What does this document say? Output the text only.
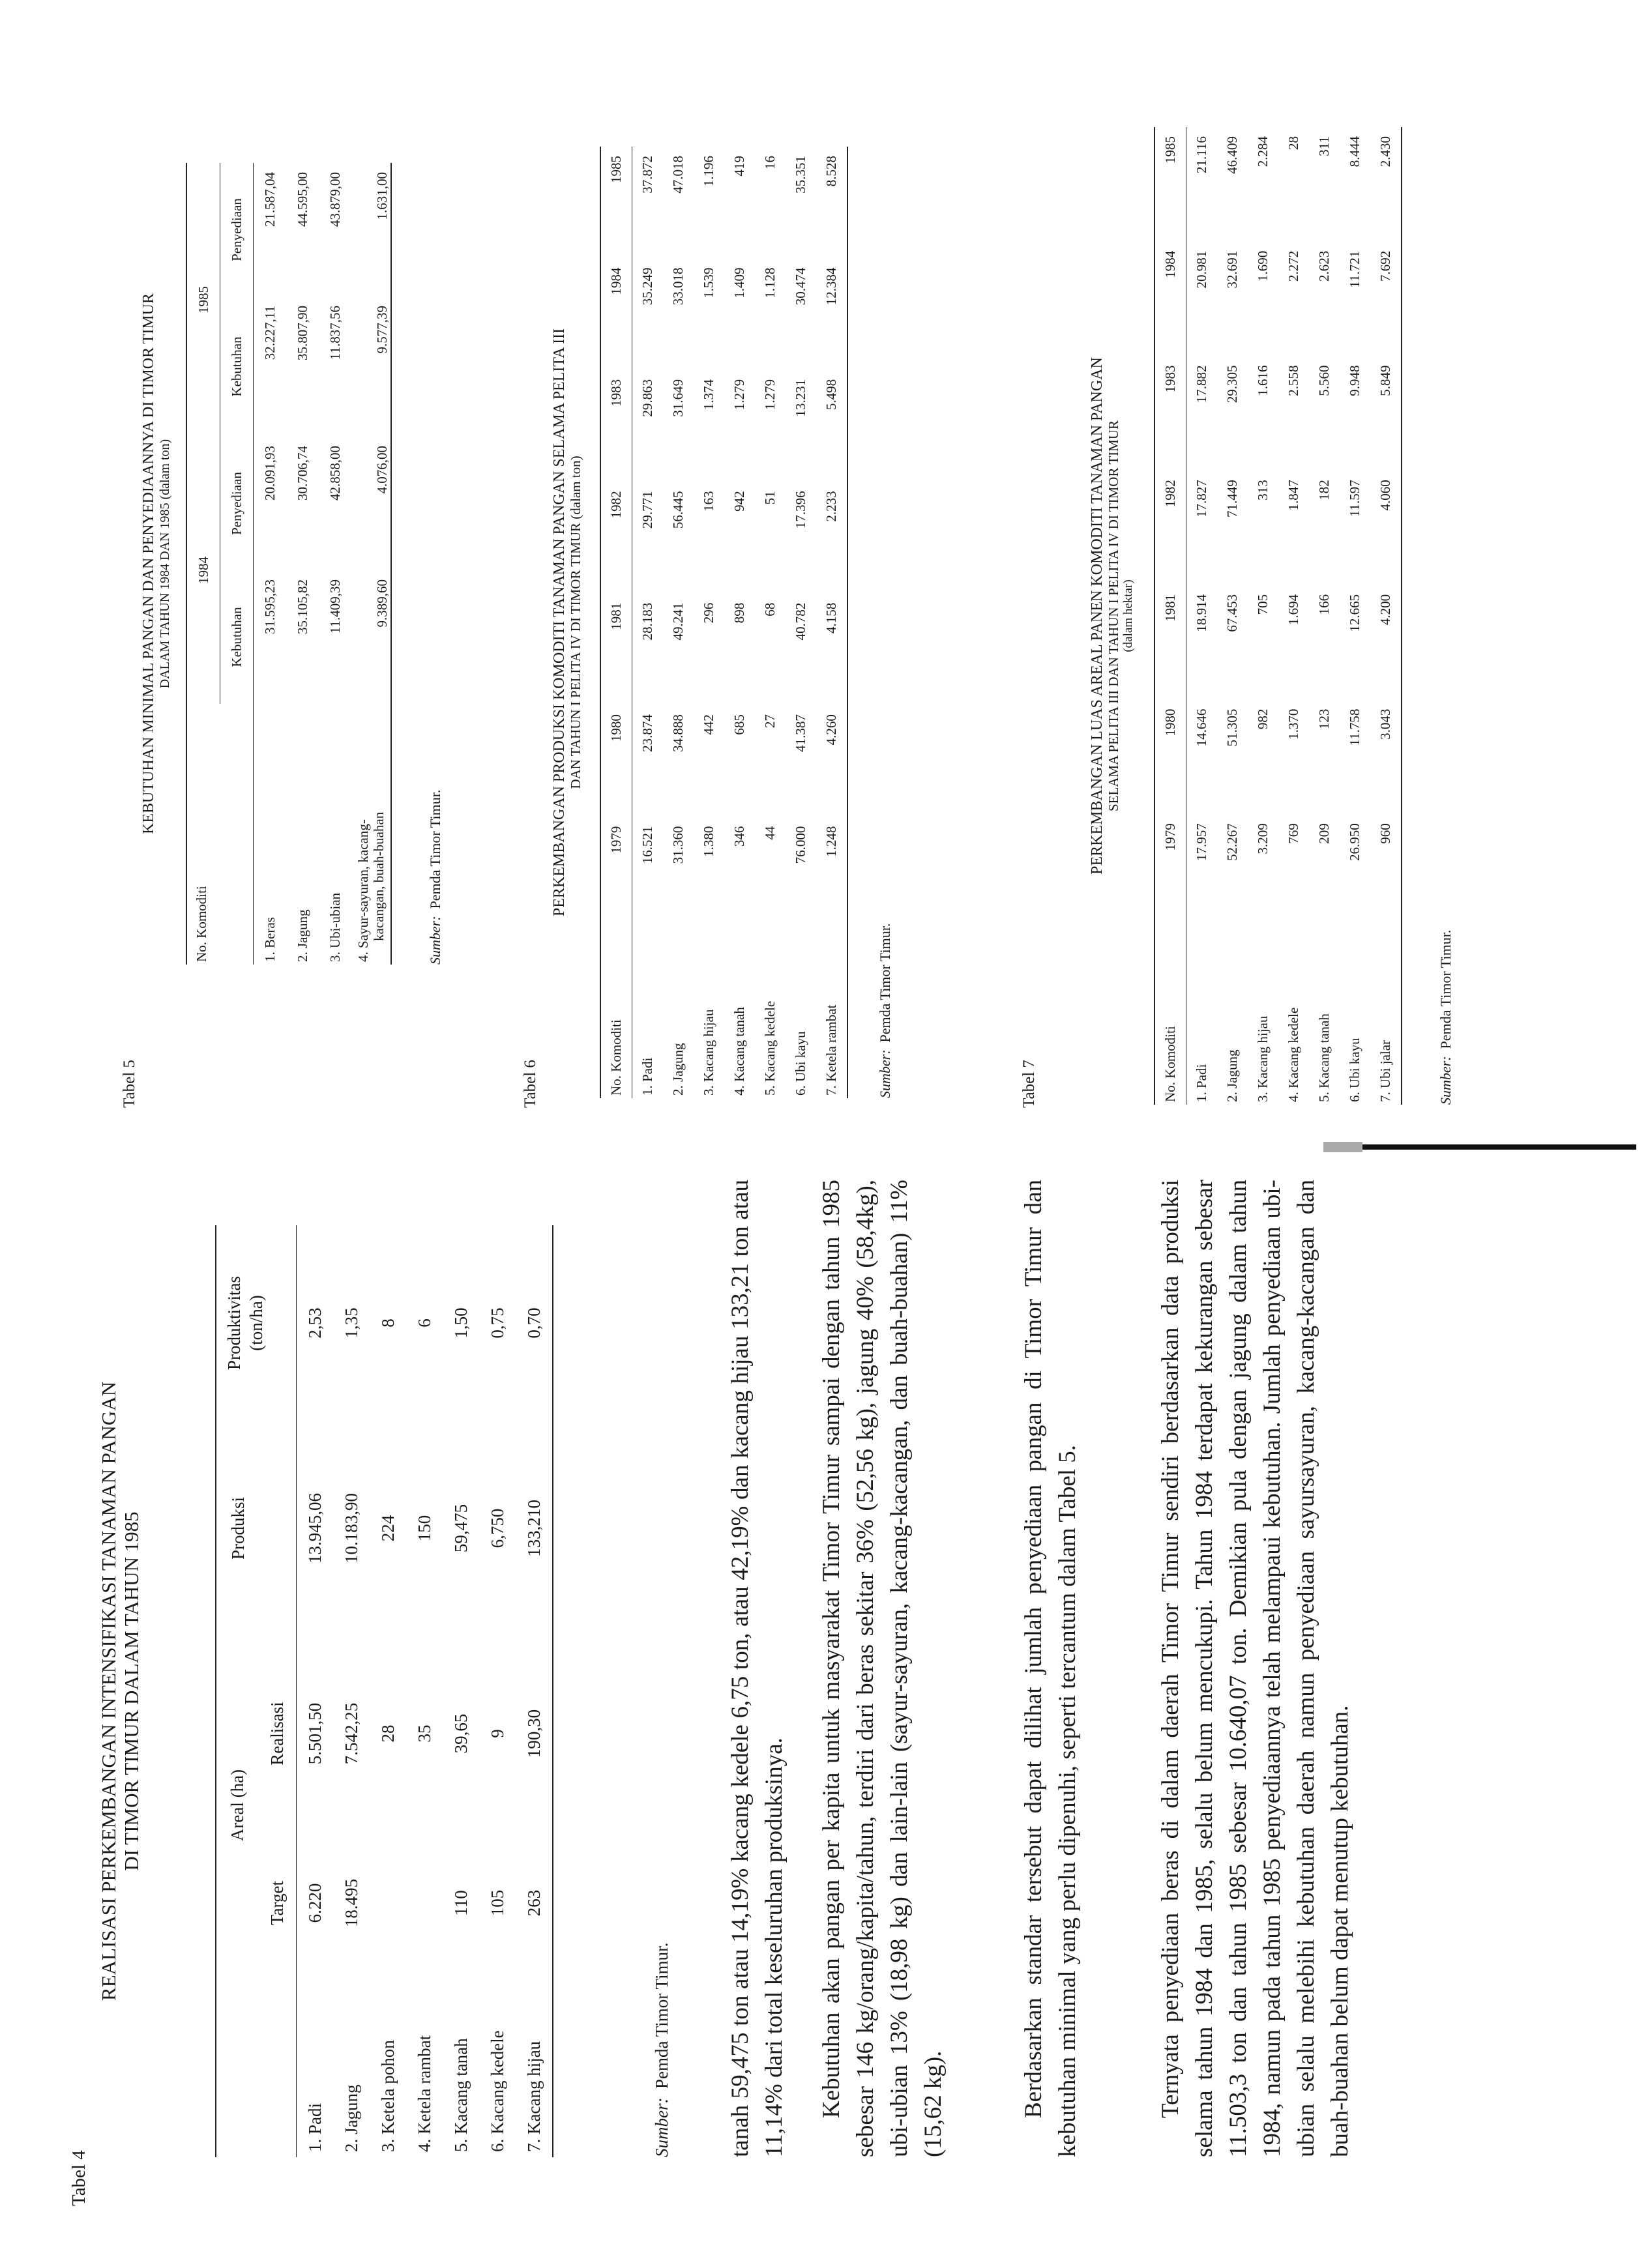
Tabel 4
REALISASI PERKEMBANGAN INTENSIFIKASI TANAMAN PANGAN DI TIMOR TIMUR DALAM TAHUN 1985
		Areal (ha)		Produksi	Produktivitas (ton/ha)

	Target	Realisasi		
1. Padi	6.220	5.501,50	13.945,06	2,53
2. Jagung	18.495	7.542,25	10.183,90	1,35
3. Ketela pohon		28	224	8
4. Ketela rambat		35	150	6
5. Kacang tanah	110	39,65	59,475	1,50
6. Kacang kedele	105	9	6,750	0,75
7. Kacang hijau	263	190,30	133,210	0,70
Sumber:  Pemda Timor Timur. tanah 59,475 ton atau 14,19% kacang kedele 6,75 ton, atau 42,19% dan kacang hijau 133,21 ton atau 11,14% dari total keseluruhan produksinya. Kebutuhan akan pangan per kapita untuk masyarakat Timor Timur sampai dengan tahun 1985 sebesar 146 kg/orang/kapita/tahun, terdiri dari beras sekitar 36% (52,56 kg), jagung 40% (58,4kg), ubi-ubian 13% (18,98 kg) dan lain-lain (sayur-sayuran, kacang-kacangan, dan buah-buahan) 11% (15,62 kg).	Berdasarkan standar tersebut dapat dilihat jumlah penyediaan pangan di Timor Timur dan kebutuhan minimal yang perlu dipenuhi, seperti tercantum dalam Tabel 5.	Ternyata penyediaan beras di dalam daerah Timor Timur sendiri berdasarkan data produksi selama tahun 1984 dan 1985, selalu belum mencukupi. Tahun 1984 terdapat kekurangan sebesar 11.503,3 ton dan tahun 1985 sebesar 10.640,07 ton. Demikian pula dengan jagung dalam tahun 1984, namun pada tahun 1985 penyediaannya telah melampaui kebutuhan. Jumlah penyediaan ubi-ubian selalu melebihi kebutuhan daerah namun penyediaan sayursayuran, kacang-kacangan dan buah-buahan belum dapat menutup kebutuhan.

Tabel 5
KEBUTUHAN MINIMAL PANGAN DAN PENYEDIAANNYA DI TIMOR TIMUR DALAM TAHUN 1984 DAN 1985 (dalam ton)
No. Komoditi	1984		1985	
	Kebutuhan	Penyediaan	Kebutuhan	Penyediaan
1. Beras	31.595,23	20.091,93	32.227,11	21.587,04
2. Jagung	35.105,82	30.706,74	35.807,90	44.595,00
3. Ubi-ubian	11.409,39	42.858,00	11.837,56	43.879,00

4. Sayur-sayuran, kacang- kacangan, buah-buahan	9.389,60	4.076,00	9.577,39	1.631,00
Sumber:  Pemda Timor Timur.
Tabel 6
PERKEMBANGAN PRODUKSI KOMODITI TANAMAN PANGAN SELAMA PELITA III DAN TAHUN I PELITA IV DI TIMOR TIMUR (dalam ton)
No. Komoditi	1979	1980	1981	1982	1983	1984	1985
1. Padi	16.521	23.874	28.183	29.771	29.863	35.249	37.872
2. Jagung	31.360	34.888	49.241	56.445	31.649	33.018	47.018
3. Kacang hijau	1.380	442	296	163	1.374	1.539	1.196
4. Kacang tanah	346	685	898	942	1.279	1.409	419
5. Kacang kedele	44	27	68	51	1.279	1.128	16
6. Ubi kayu	76.000	41.387	40.782	17.396	13.231	30.474	35.351
7. Ketela rambat	1.248	4.260	4.158	2.233	5.498	12.384	8.528
Sumber:  Pemda Timor Timur.
Tabel 7
PERKEMBANGAN LUAS AREAL PANEN KOMODITI TANAMAN PANGAN SELAMA PELITA III DAN TAHUN I PELITA IV DI TIMOR TIMUR (dalam hektar)
No. Komoditi	1979	1980	1981	1982	1983	1984	1985
1. Padi	17.957	14.646	18.914	17.827	17.882	20.981	21.116
2. Jagung	52.267	51.305	67.453	71.449	29.305	32.691	46.409
3. Kacang hijau	3.209	982	705	313	1.616	1.690	2.284
4. Kacang kedele	769	1.370	1.694	1.847	2.558	2.272	28
5. Kacang tanah	209	123	166	182	5.560	2.623	311
6. Ubi kayu	26.950	11.758	12.665	11.597	9.948	11.721	8.444
7. Ubi jalar	960	3.043	4.200	4.060	5.849	7.692	2.430
Sumber:  Pemda Timor Timur.
